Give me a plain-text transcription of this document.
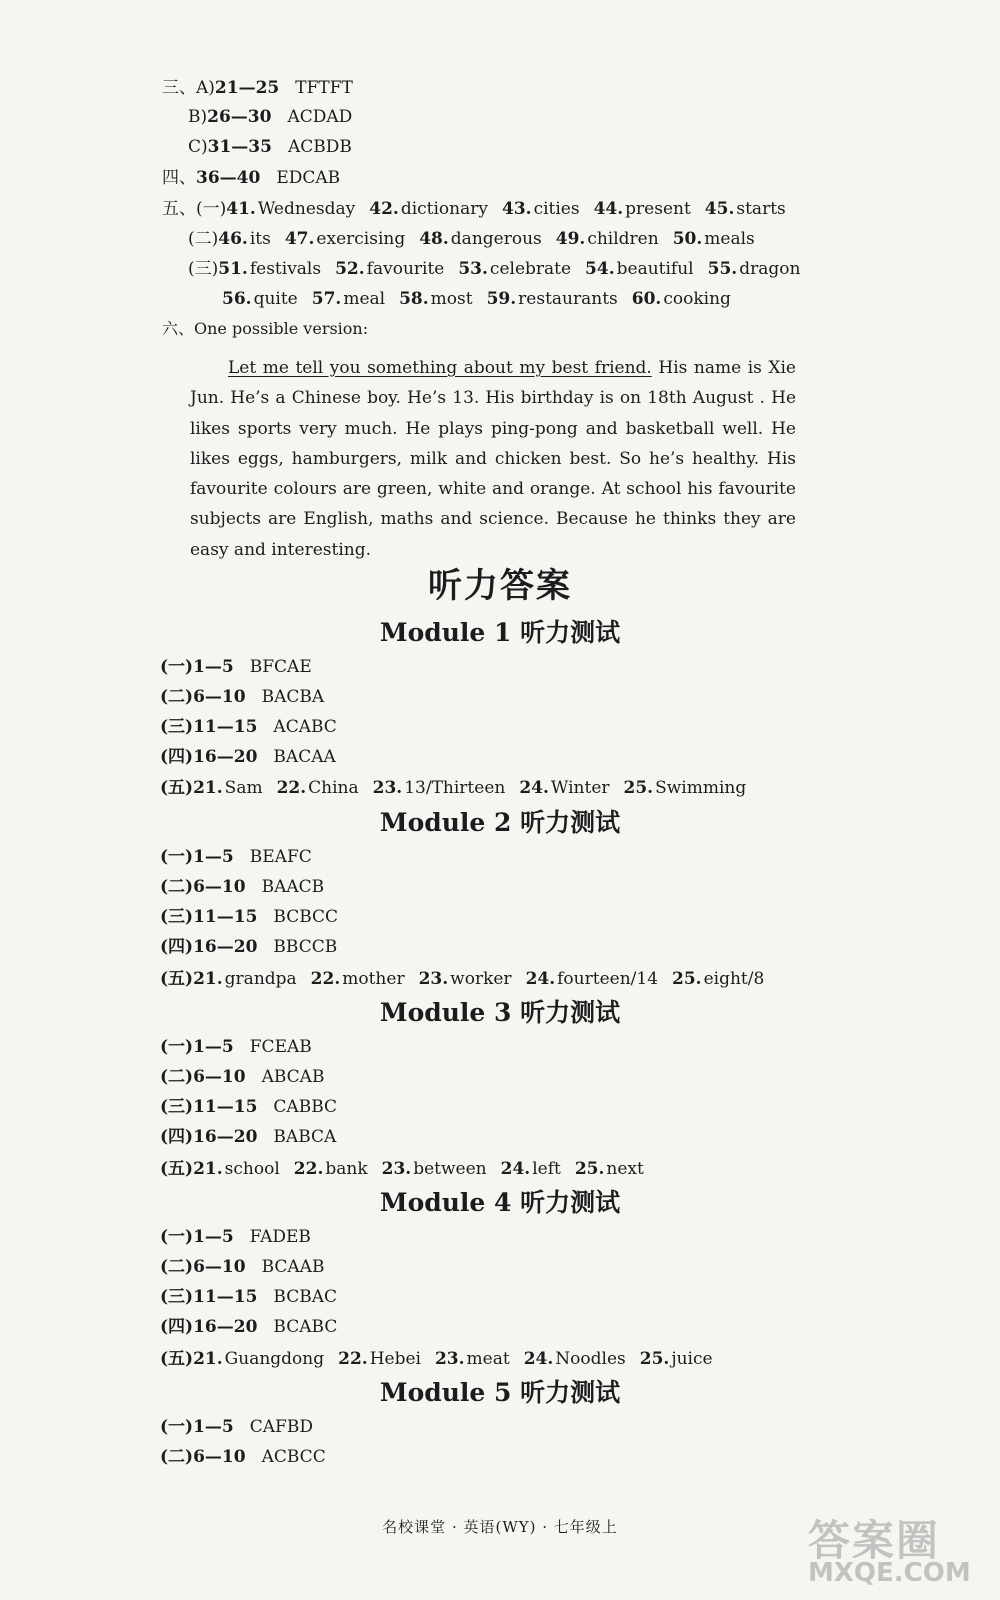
三、A)21—25 TFTFT
B)26—30 ACDAD
C)31—35 ACBDB
四、36—40 EDCAB
五、(一)41. Wednesday 42. dictionary 43. cities 44. present 45. starts
(二)46. its 47. exercising 48. dangerous 49. children 50. meals
(三)51. festivals 52. favourite 53. celebrate 54. beautiful 55. dragon
56. quite 57. meal 58. most 59. restaurants 60. cooking
六、One possible version:
Let me tell you something about my best friend. His name is Xie Jun. He’s a Chinese boy. He’s 13. His birthday is on 18th August . He likes sports very much. He plays ping-pong and basketball well. He likes eggs, hamburgers, milk and chicken best. So he’s healthy. His favourite colours are green, white and orange. At school his favourite subjects are English, maths and science. Because he thinks they are easy and interesting.
听力答案
Module 1 听力测试
(一)1—5 BFCAE
(二)6—10 BACBA
(三)11—15 ACABC
(四)16—20 BACAA
(五)21. Sam 22. China 23. 13/Thirteen 24. Winter 25. Swimming
Module 2 听力测试
(一)1—5 BEAFC
(二)6—10 BAACB
(三)11—15 BCBCC
(四)16—20 BBCCB
(五)21. grandpa 22. mother 23. worker 24. fourteen/14 25. eight/8
Module 3 听力测试
(一)1—5 FCEAB
(二)6—10 ABCAB
(三)11—15 CABBC
(四)16—20 BABCA
(五)21. school 22. bank 23. between 24. left 25. next
Module 4 听力测试
(一)1—5 FADEB
(二)6—10 BCAAB
(三)11—15 BCBAC
(四)16—20 BCABC
(五)21. Guangdong 22. Hebei 23. meat 24. Noodles 25. juice
Module 5 听力测试
(一)1—5 CAFBD
(二)6—10 ACBCC
名校课堂 · 英语(WY) · 七年级上	答案圈
MXQE.COM
